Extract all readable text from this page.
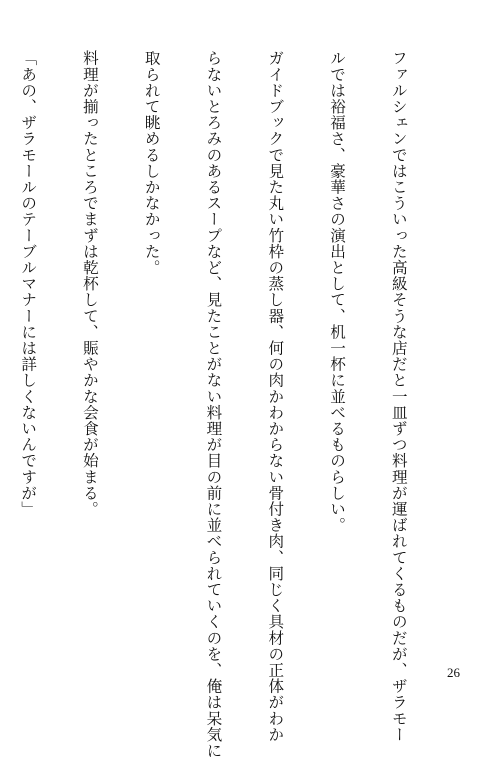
ファルシェンではこういった高級そうな店だと一皿ずつ料理が運ばれてくるものだが、ザラモー

ルでは裕福さ、豪華さの演出として、机一杯に並べるものらしい。

ガイドブックで見た丸い竹枠の蒸し器、何の肉かわからない骨付き肉、同じく具材の正体がわか

らないとろみのあるスープなど、見たことがない料理が目の前に並べられていくのを、俺は呆気に

取られて眺めるしかなかった。

料理が揃ったところでまずは乾杯して、賑やかな会食が始まる。

「あの、ザラモールのテーブルマナーには詳しくないんですが」

26
